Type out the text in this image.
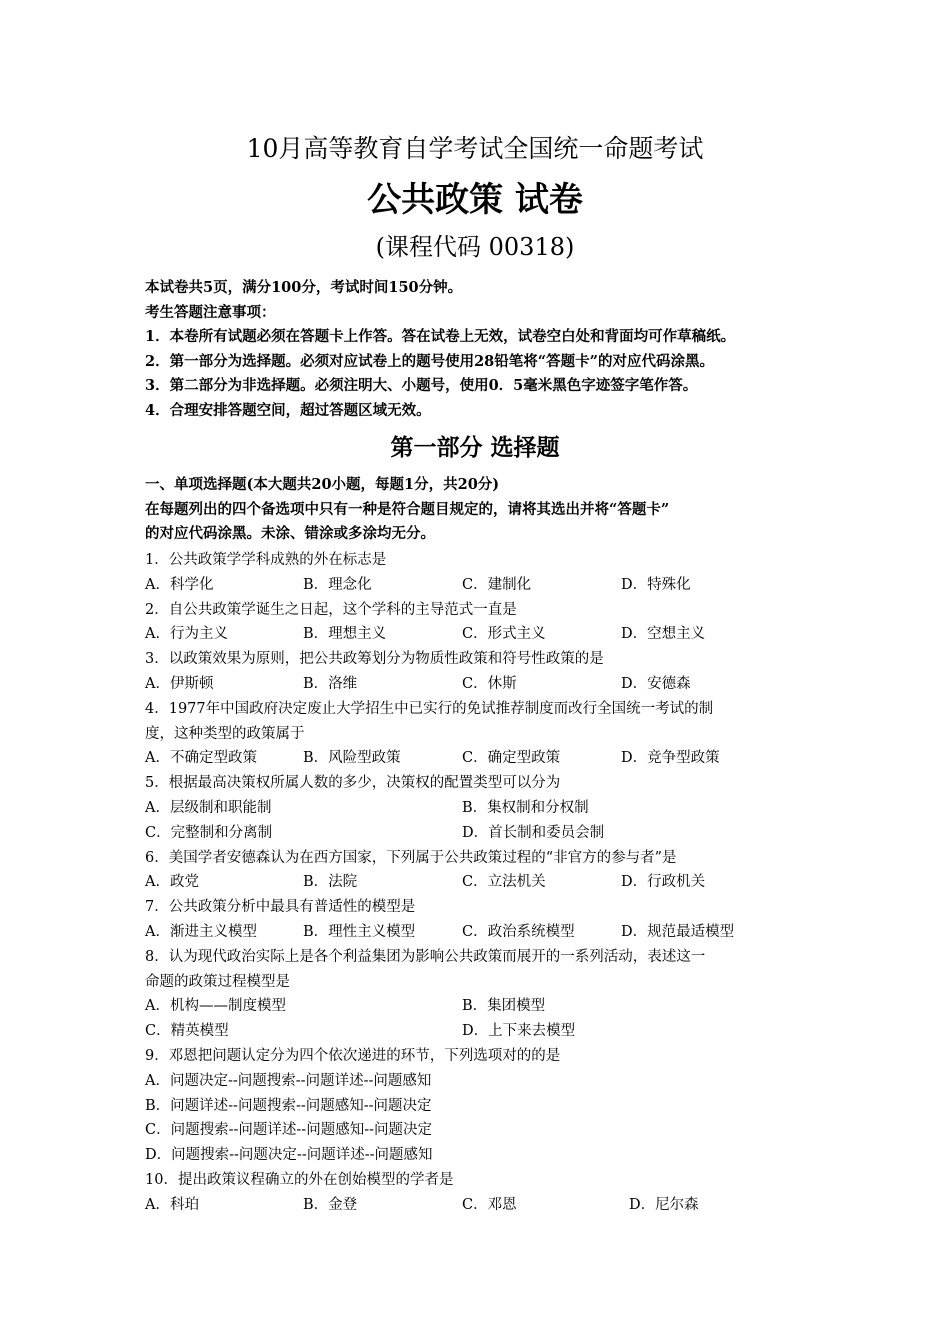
10月高等教育自学考试全国统一命题考试
公共政策 试卷
(课程代码 00318)
本试卷共5页，满分100分，考试时间150分钟。
考生答题注意事项：
1．本卷所有试题必须在答题卡上作答。答在试卷上无效，试卷空白处和背面均可作草稿纸。
2．第一部分为选择题。必须对应试卷上的题号使用28铅笔将“答题卡”的对应代码涂黑。
3．第二部分为非选择题。必须注明大、小题号，使用0．5毫米黑色字迹签字笔作答。
4．合理安排答题空间，超过答题区域无效。
第一部分 选择题
一、单项选择题(本大题共20小题，每题1分，共20分)
在每题列出的四个备选项中只有一种是符合题目规定的，请将其选出并将“答题卡”
的对应代码涂黑。未涂、错涂或多涂均无分。
1．公共政策学学科成熟的外在标志是
A．科学化	B．理念化	C．建制化	D．特殊化
2．自公共政策学诞生之日起，这个学科的主导范式一直是
A．行为主义	B．理想主义	C．形式主义	D．空想主义
3．以政策效果为原则，把公共政筹划分为物质性政策和符号性政策的是
A．伊斯顿	B．洛维	C．休斯	D．安德森
4．1977年中国政府决定废止大学招生中已实行的免试推荐制度而改行全国统一考试的制
度，这种类型的政策属于
A．不确定型政策	B．风险型政策	C．确定型政策	D．竞争型政策
5．根据最高决策权所属人数的多少，决策权的配置类型可以分为
A．层级制和职能制	B．集权制和分权制
C．完整制和分离制	D．首长制和委员会制
6．美国学者安德森认为在西方国家，下列属于公共政策过程的“非官方的参与者”是
A．政党	B．法院	C．立法机关	D．行政机关
7．公共政策分析中最具有普适性的模型是
A．渐进主义模型	B．理性主义模型	C．政治系统模型	D．规范最适模型
8．认为现代政治实际上是各个利益集团为影响公共政策而展开的一系列活动，表述这一
命题的政策过程模型是
A．机构——制度模型	B．集团模型
C．精英模型	D．上下来去模型
9．邓恩把问题认定分为四个依次递进的环节，下列选项对的的是
A．问题决定--问题搜索--问题详述--问题感知
B．问题详述--问题搜索--问题感知--问题决定
C．问题搜索--问题详述--问题感知--问题决定
D．问题搜索--问题决定--问题详述--问题感知
10．提出政策议程确立的外在创始模型的学者是
A．科珀	B．金登	C．邓恩	D．尼尔森
